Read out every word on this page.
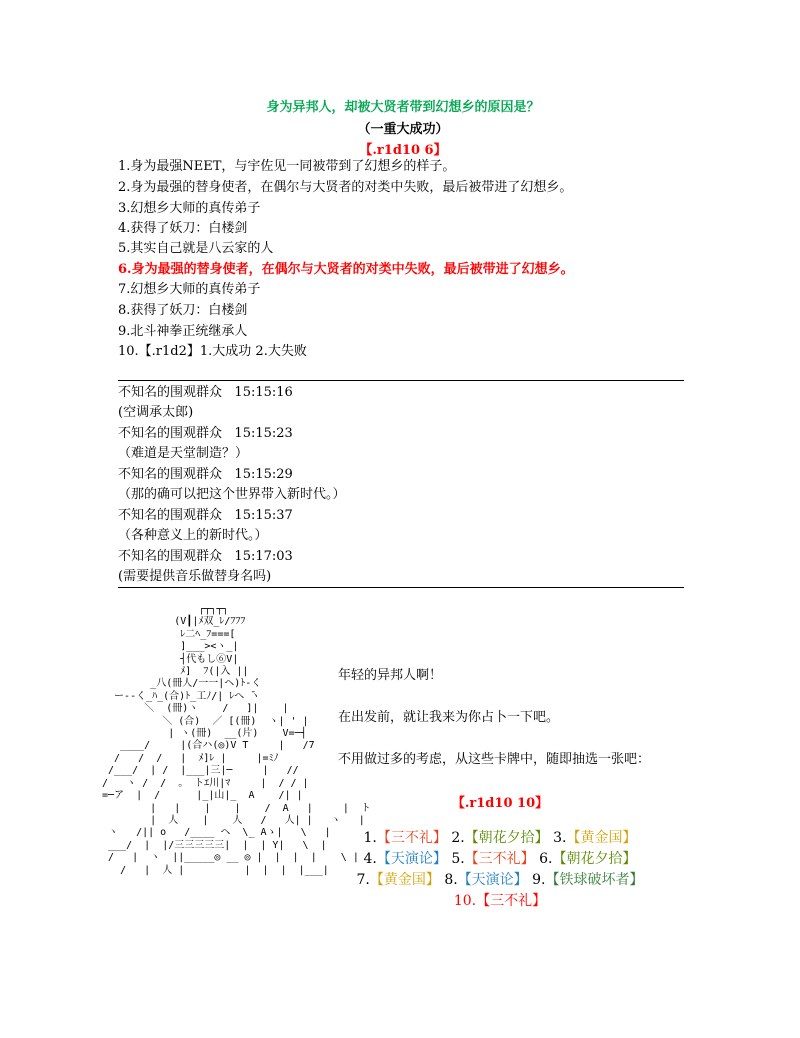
身为异邦人，却被大贤者带到幻想乡的原因是？
（一重大成功）
【.r1d10 6】
1.身为最强NEET，与宇佐见一同被带到了幻想乡的样子。
2.身为最强的替身使者，在偶尔与大贤者的对类中失败，最后被带进了幻想乡。
3.幻想乡大师的真传弟子
4.获得了妖刀：白楼剑
5.其实自己就是八云家的人
6.身为最强的替身使者，在偶尔与大贤者的对类中失败，最后被带进了幻想乡。
7.幻想乡大师的真传弟子
8.获得了妖刀：白楼剑
9.北斗神拳正统继承人
10.【.r1d2】1.大成功 2.大失败
不知名的围观群众 15:15:16
(空调承太郎)
不知名的围观群众 15:15:23
（难道是天堂制造？）
不知名的围观群众 15:15:29
（那的确可以把这个世界带入新时代。）
不知名的围观群众 15:15:37
（各种意义上的新时代。）
不知名的围观群众 15:17:03
(需要提供音乐做替身名吗)
┌┬┐┬┐
(V┃|ﾒ双_ﾚ/ﾌﾌﾌ
ﾚ二ﾍ_ﾌ===[
]___><ヽ_|
┤代もし⑥V|
ﾒ]  ﾌ(|入 ||
_八(冊人/一一|ヘ)ﾄ-く
ー--く_ﾊ_(合)ﾄ_工ﾉ/| ﾚへ ̄ヽ
＼  (冊)ヽ    /   ]|    |
＼ (合)  ／ [(冊)  ヽ| ' |
| ヽ(冊)  __(片)    V=─┤
____/     |(合ハ(◎)V T     |   /7
/   /  /   |  ﾒ]ﾚ |     |=ﾐﾉ
/___/  | /  |___|三|─     |   //
/   ヽ /  /  。 トｴ川|ﾏ     |  / / |
=─ア  |  /      |_|山|_  A    /| |
|   |    |    |    /  A   |     |  ト
|  人    |    人   /   人| |   ヽ   |
ヽ   /|| o   /____ ヘ  \_ Aゝ|   \   |
___/  |  |/三三三三三|  |  | Y|   \  |
/   |  ヽ  ||_____◎ __ ◎ |  |  |  |    \ |
/   |  人 |          |  |  |  |___|
年轻的异邦人啊！
在出发前，就让我来为你占卜一下吧。
不用做过多的考虑，从这些卡牌中，随即抽选一张吧：
【.r1d10 10】
1.【三不礼】 2.【朝花夕拾】 3.【黄金国】 4.【天演论】 5.【三不礼】 6.【朝花夕拾】 7.【黄金国】 8.【天演论】 9.【铁球破坏者】 10.【三不礼】
